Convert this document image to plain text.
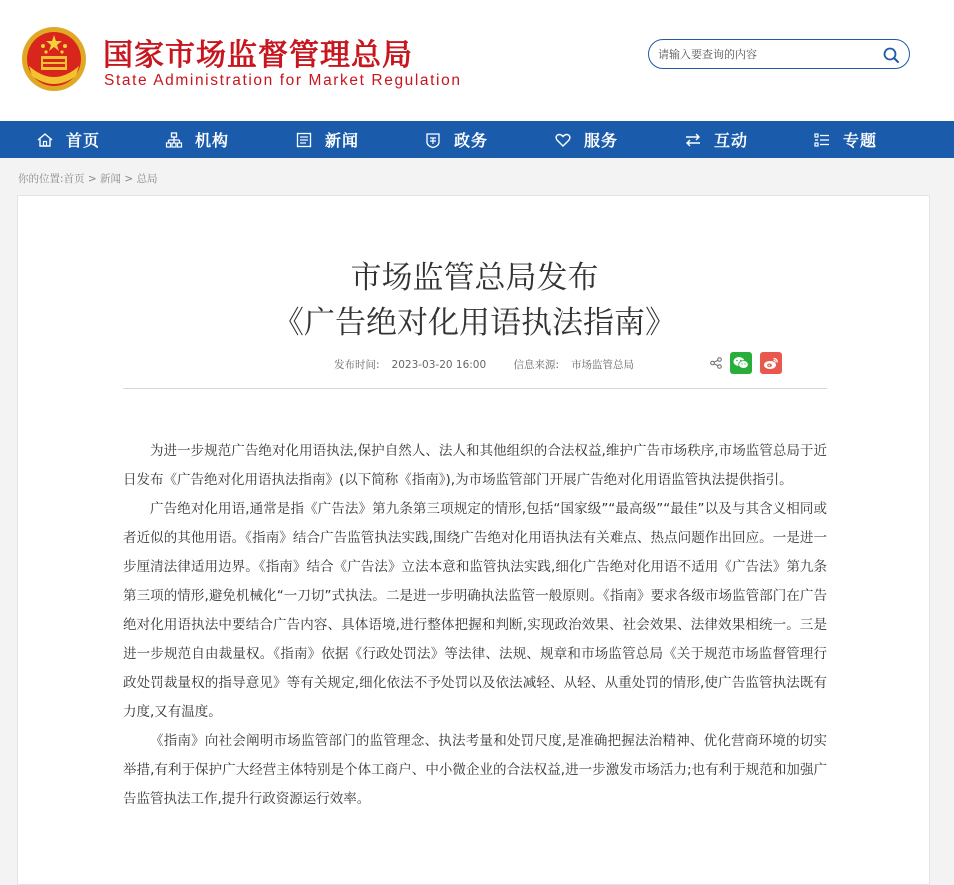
国家市场监督管理总局

State Administration for Market Regulation

请输入要查询的内容
首页	机构	新闻	政务	服务	互动	专题
你的位置:首页 > 新闻 > 总局
市场监管总局发布
《广告绝对化用语执法指南》
发布时间: 2023-03-20 16:00	信息来源: 市场监管总局

为进一步规范广告绝对化用语执法,保护自然人、法人和其他组织的合法权益,维护广告市场秩序,市场监管总局于近日发布《广告绝对化用语执法指南》(以下简称《指南》),为市场监管部门开展广告绝对化用语监管执法提供指引。

广告绝对化用语,通常是指《广告法》第九条第三项规定的情形,包括“国家级”“最高级”“最佳”以及与其含义相同或者近似的其他用语。《指南》结合广告监管执法实践,围绕广告绝对化用语执法有关难点、热点问题作出回应。一是进一步厘清法律适用边界。《指南》结合《广告法》立法本意和监管执法实践,细化广告绝对化用语不适用《广告法》第九条第三项的情形,避免机械化“一刀切”式执法。二是进一步明确执法监管一般原则。《指南》要求各级市场监管部门在广告绝对化用语执法中要结合广告内容、具体语境,进行整体把握和判断,实现政治效果、社会效果、法律效果相统一。三是进一步规范自由裁量权。《指南》依据《行政处罚法》等法律、法规、规章和市场监管总局《关于规范市场监督管理行政处罚裁量权的指导意见》等有关规定,细化依法不予处罚以及依法减轻、从轻、从重处罚的情形,使广告监管执法既有力度,又有温度。

《指南》向社会阐明市场监管部门的监管理念、执法考量和处罚尺度,是准确把握法治精神、优化营商环境的切实举措,有利于保护广大经营主体特别是个体工商户、中小微企业的合法权益,进一步激发市场活力;也有利于规范和加强广告监管执法工作,提升行政资源运行效率。
